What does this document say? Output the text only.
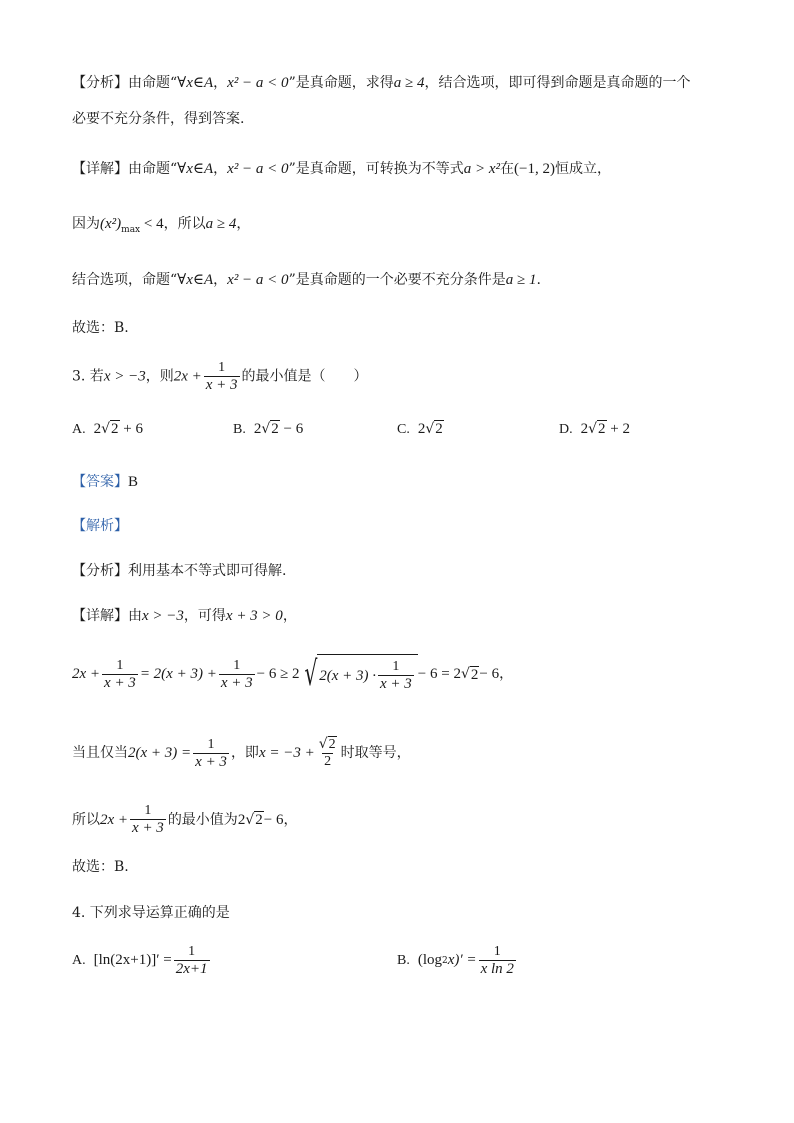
【分析】由命题“∀x∈A，x² − a < 0”是真命题，求得a ≥ 4，结合选项，即可得到命题是真命题的一个
必要不充分条件，得到答案.
【详解】由命题“∀x∈A，x² − a < 0”是真命题，可转换为不等式a > x²在(−1, 2)恒成立，
因为$(x^2)_{max} < 4$，所以a ≥ 4，
结合选项，命题“∀x∈A，x² − a < 0”是真命题的一个必要不充分条件是a ≥ 1.
故选：B.
3. 若x > −3，则$2x + \frac{1}{x + 3}$ 的最小值是（　　）
A. 2√2 + 6	B. 2√2 − 6	C. 2√2	D. 2√2 + 2
【答案】B
【解析】
【分析】利用基本不等式即可得解.
【详解】由x > −3，可得x + 3 > 0，
$2x + \frac{1}{x + 3} = 2(x + 3) + \frac{1}{x + 3} - 6 \ge 2$ √ $2(x + 3) \cdot \frac{1}{x + 3} - 6 = 2$ √ 2 − 6 ，
当且仅当 $2(x + 3) = \frac{1}{x + 3}$ ，即 $x = -3 + \frac{√2}{2}$ 时取等号，
所以 $2x + \frac{1}{x + 3}$ 的最小值为 2 √ 2 − 6 ，
故选：B.
4. 下列求导运算正确的是
A. $[\ln(2x+1)]' = \frac{1}{2x+1}$	B. (log 2 $x)' = \frac{1}{\text{x ln 2}}$
